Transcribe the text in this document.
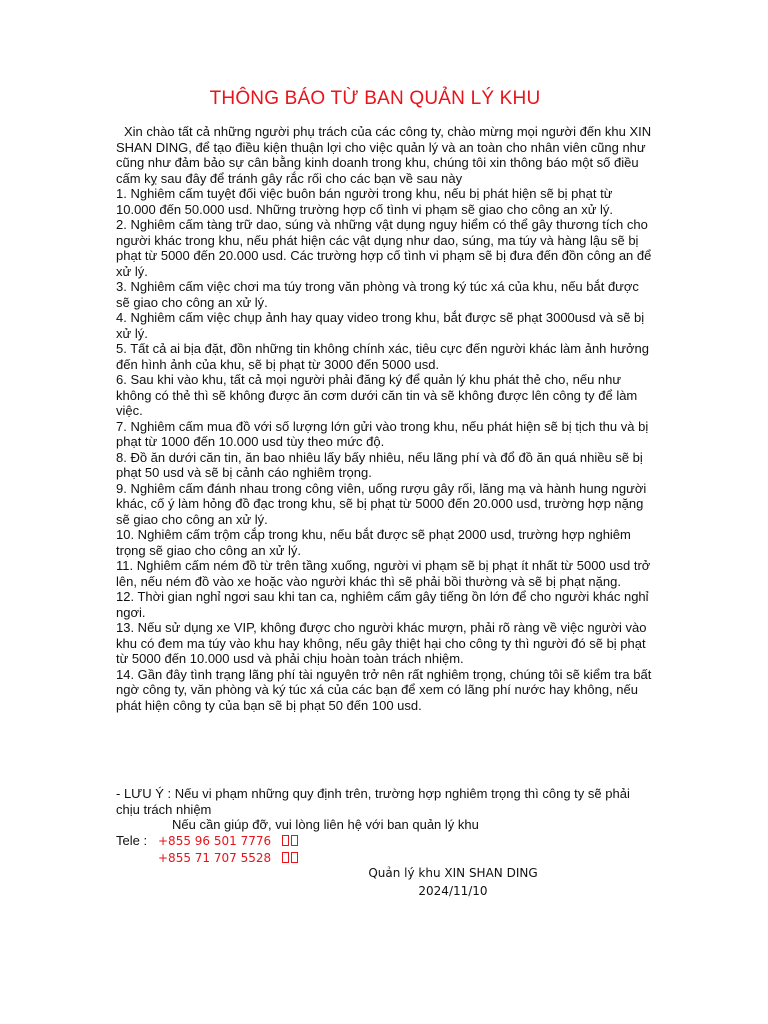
THÔNG BÁO TỪ BAN QUẢN LÝ KHU

Xin chào tất cả những người phụ trách của các công ty, chào mừng mọi người đến khu XIN SHAN DING, để tạo điều kiện thuận lợi cho việc quản lý và an toàn cho nhân viên cũng như cũng như đảm bảo sự cân bằng kinh doanh trong khu, chúng tôi xin thông báo một số điều cấm kỵ sau đây để tránh gây rắc rối cho các bạn về sau này

1. Nghiêm cấm tuyệt đối việc buôn bán người trong khu, nếu bị phát hiện sẽ bị phạt từ 10.000 đến 50.000 usd. Những trường hợp cố tình vi phạm sẽ giao cho công an xử lý.

2. Nghiêm cấm tàng trữ dao, súng và những vật dụng nguy hiểm có thể gây thương tích cho người khác trong khu, nếu phát hiện các vật dụng như dao, súng, ma túy và hàng lậu sẽ bị phạt từ 5000 đến 20.000 usd. Các trường hợp cố tình vi phạm sẽ bị đưa đến đồn công an để xử lý.

3. Nghiêm cấm việc chơi ma túy trong văn phòng và trong ký túc xá của khu, nếu bắt được sẽ giao cho công an xử lý.

4. Nghiêm cấm việc chụp ảnh hay quay video trong khu, bắt được sẽ phạt 3000usd và sẽ bị xử lý.

5. Tất cả ai bịa đặt, đồn những tin không chính xác, tiêu cực đến người khác làm ảnh hưởng đến hình ảnh của khu, sẽ bị phạt từ 3000 đến 5000 usd.

6. Sau khi vào khu, tất cả mọi người phải đăng ký để quản lý khu phát thẻ cho, nếu như không có thẻ thì sẽ không được ăn cơm dưới căn tin và sẽ không được lên công ty để làm việc.

7. Nghiêm cấm mua đồ với số lượng lớn gửi vào trong khu, nếu phát hiện sẽ bị tịch thu và bị phạt từ 1000 đến 10.000 usd tùy theo mức độ.

8. Đồ ăn dưới căn tin, ăn bao nhiêu lấy bấy nhiêu, nếu lãng phí và đổ đồ ăn quá nhiều sẽ bị phạt 50 usd và sẽ bị cảnh cáo nghiêm trọng.

9. Nghiêm cấm đánh nhau trong công viên, uống rượu gây rối, lăng mạ và hành hung người khác, cố ý làm hỏng đồ đạc trong khu, sẽ bị phạt từ 5000 đến 20.000 usd, trường hợp nặng sẽ giao cho công an xử lý.

10. Nghiêm cấm trộm cắp trong khu, nếu bắt được sẽ phạt 2000 usd, trường hợp nghiêm trọng sẽ giao cho công an xử lý.

11. Nghiêm cấm ném đồ từ trên tầng xuống, người vi phạm sẽ bị phạt ít nhất từ 5000 usd trở lên, nếu ném đồ vào xe hoặc vào người khác thì sẽ phải bồi thường và sẽ bị phạt nặng.

12. Thời gian nghỉ ngơi sau khi tan ca, nghiêm cấm gây tiếng ồn lớn để cho người khác nghỉ ngơi.

13. Nếu sử dụng xe VIP, không được cho người khác mượn, phải rõ ràng về việc người vào khu có đem ma túy vào khu hay không, nếu gây thiệt hại cho công ty thì người đó sẽ bị phạt từ 5000 đến 10.000 usd và phải chịu hoàn toàn trách nhiệm.

14. Gần đây tình trạng lãng phí tài nguyên trở nên rất nghiêm trọng, chúng tôi sẽ kiểm tra bất ngờ công ty, văn phòng và ký túc xá của các bạn để xem có lãng phí nước hay không, nếu phát hiện công ty của bạn sẽ bị phạt 50 đến 100 usd.

- LƯU Ý : Nếu vi phạm những quy định trên, trường hợp nghiêm trọng thì công ty sẽ phải chịu trách nhiệm

Nếu cần giúp đỡ, vui lòng liên hệ với ban quản lý khu
Tele : +855 96 501 7776
+855 71 707 5528
Quản lý khu XIN SHAN DING
2024/11/10
